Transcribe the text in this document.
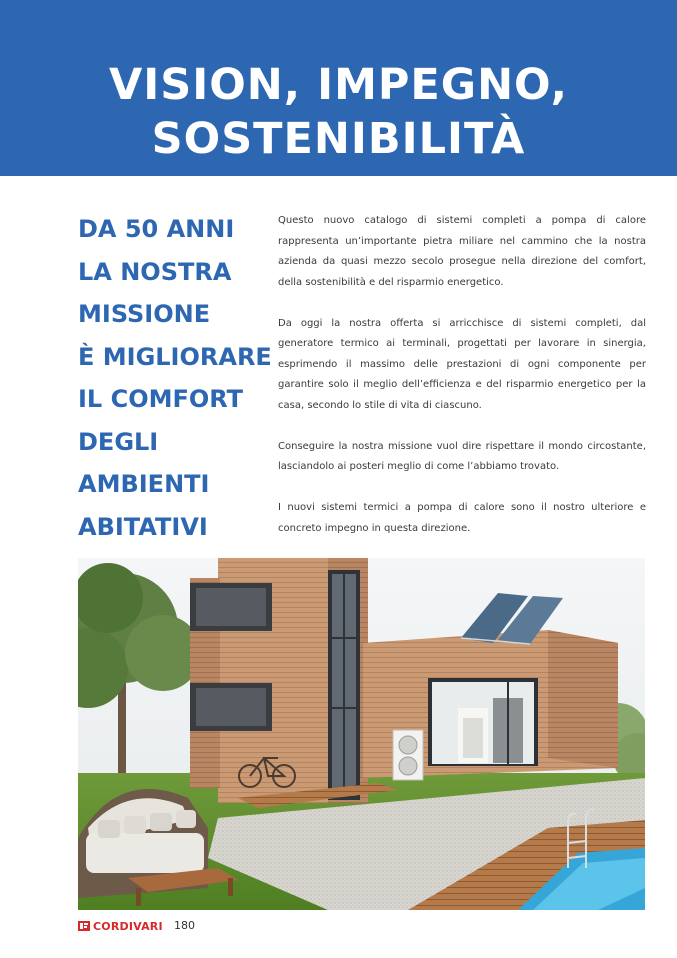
VISION, IMPEGNO,
SOSTENIBILITÀ
DA 50 ANNI
LA NOSTRA
MISSIONE
È MIGLIORARE
IL COMFORT
DEGLI
AMBIENTI
ABITATIVI

Questo nuovo catalogo di sistemi completi a pompa di calore rappresenta un’importante pietra miliare nel cammino che la nostra azienda da quasi mezzo secolo prosegue nella direzione del comfort, della sostenibilità e del risparmio energetico.

Da oggi la nostra offerta si arricchisce di sistemi completi, dal generatore termico ai terminali, progettati per lavorare in sinergia, esprimendo il massimo delle prestazioni di ogni componente per garantire solo il meglio dell’efficienza e del risparmio energetico per la casa, secondo lo stile di vita di ciascuno.

Conseguire la nostra missione vuol dire rispettare il mondo circostante, lasciandolo ai posteri meglio di come l’abbiamo trovato.

I nuovi sistemi termici a pompa di calore sono il nostro ulteriore e concreto impegno in questa direzione.

CORDIVARI 180
